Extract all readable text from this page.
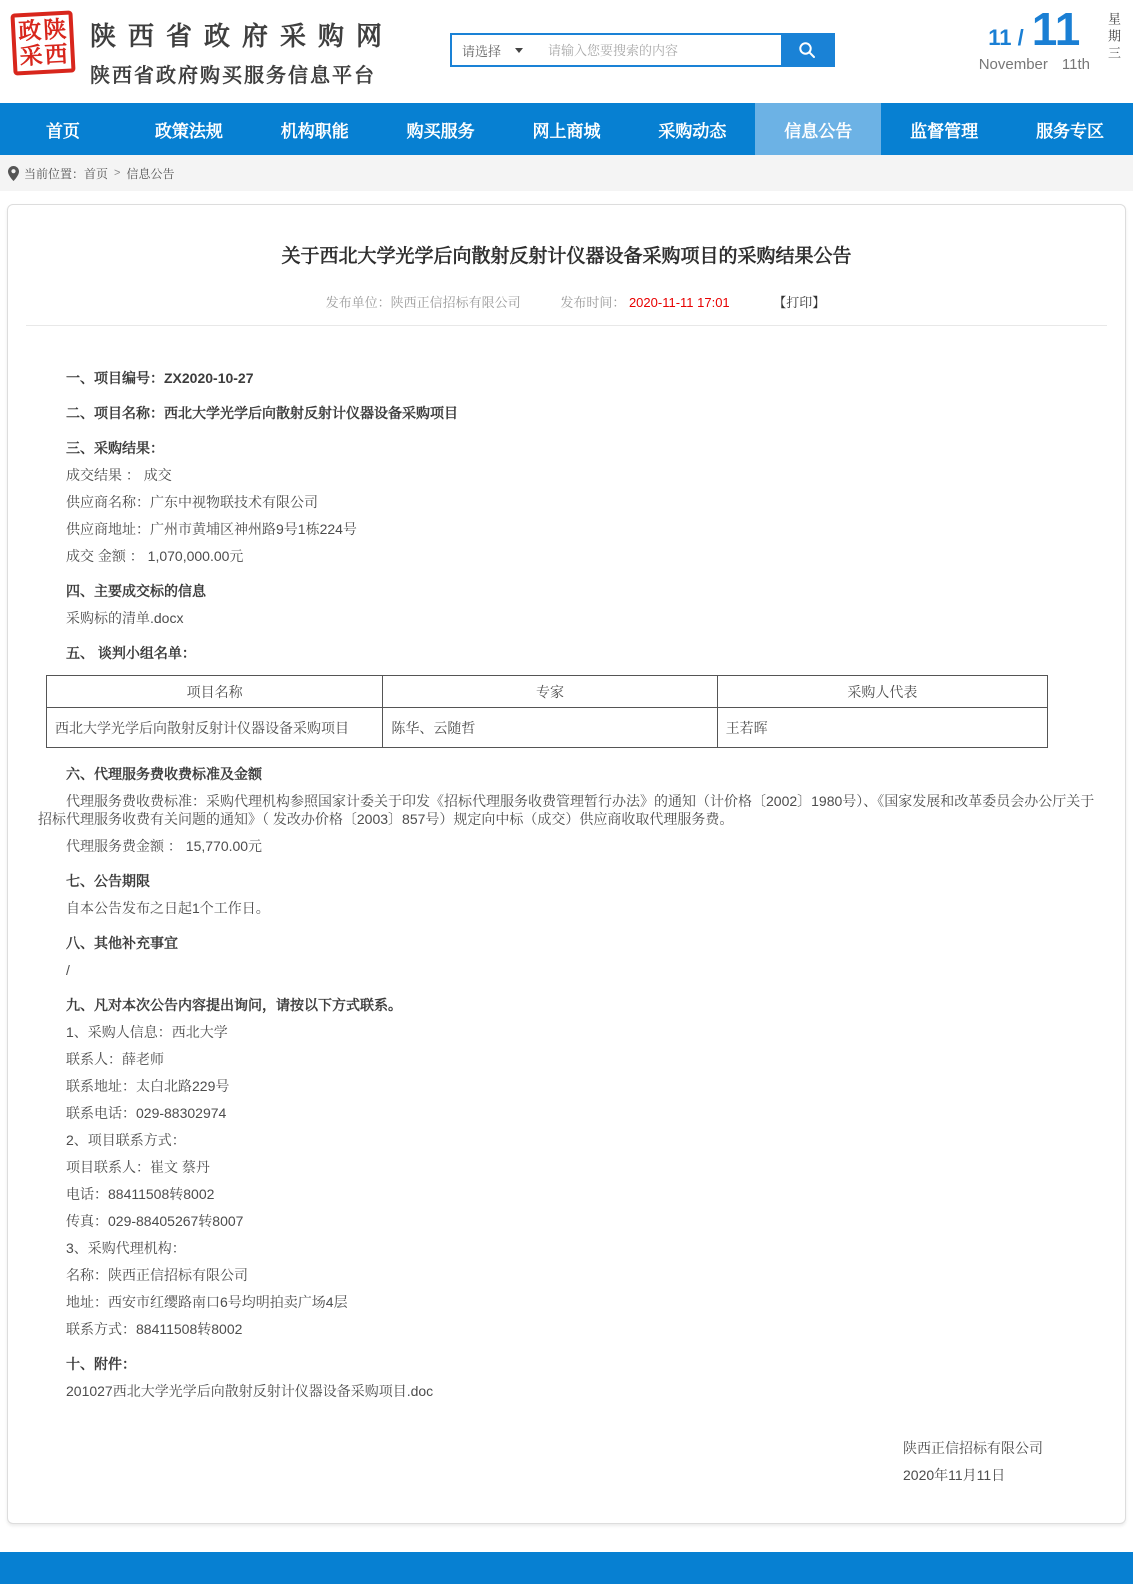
政 陕
采 西
陕西省政府采购网
陕西省政府购买服务信息平台
请选择
请输入您要搜索的内容
11 / 11
November 11th
星期三
首页	政策法规	机构职能	购买服务	网上商城	采购动态	信息公告	监督管理	服务专区
当前位置： 首页 > 信息公告
关于西北大学光学后向散射反射计仪器设备采购项目的采购结果公告
发布单位：陕西正信招标有限公司	发布时间： 2020-11-11 17:01	【打印】

一、项目编号：ZX2020-10-27

二、项目名称：西北大学光学后向散射反射计仪器设备采购项目

三、采购结果：

成交结果 ： 成交

供应商名称：广东中视物联技术有限公司

供应商地址：广州市黄埔区神州路9号1栋224号

成交 金额 ： 1,070,000.00元

四、主要成交标的信息

采购标的清单.docx

五、 谈判小组名单：

项目名称	专家	采购人代表
西北大学光学后向散射反射计仪器设备采购项目	陈华、云随哲	王若晖

六、代理服务费收费标准及金额

代理服务费收费标准：采购代理机构参照国家计委关于印发《招标代理服务收费管理暂行办法》的通知（计价格〔2002〕1980号）、《国家发展和改革委员会办公厅关于招标代理服务收费有关问题的通知》（ 发改办价格〔2003〕857号）规定向中标（成交）供应商收取代理服务费。

代理服务费金额 ： 15,770.00元

七、公告期限

自本公告发布之日起1个工作日。

八、其他补充事宜

/

九、凡对本次公告内容提出询问，请按以下方式联系。

1、采购人信息：西北大学

联系人：薛老师

联系地址：太白北路229号

联系电话：029-88302974

2、项目联系方式：

项目联系人：崔文 蔡丹

电话：88411508转8002

传真：029-88405267转8007

3、采购代理机构：

名称：陕西正信招标有限公司

地址：西安市红缨路南口6号均明拍卖广场4层

联系方式：88411508转8002

十、附件：

201027西北大学光学后向散射反射计仪器设备采购项目.doc

陕西正信招标有限公司

2020年11月11日
